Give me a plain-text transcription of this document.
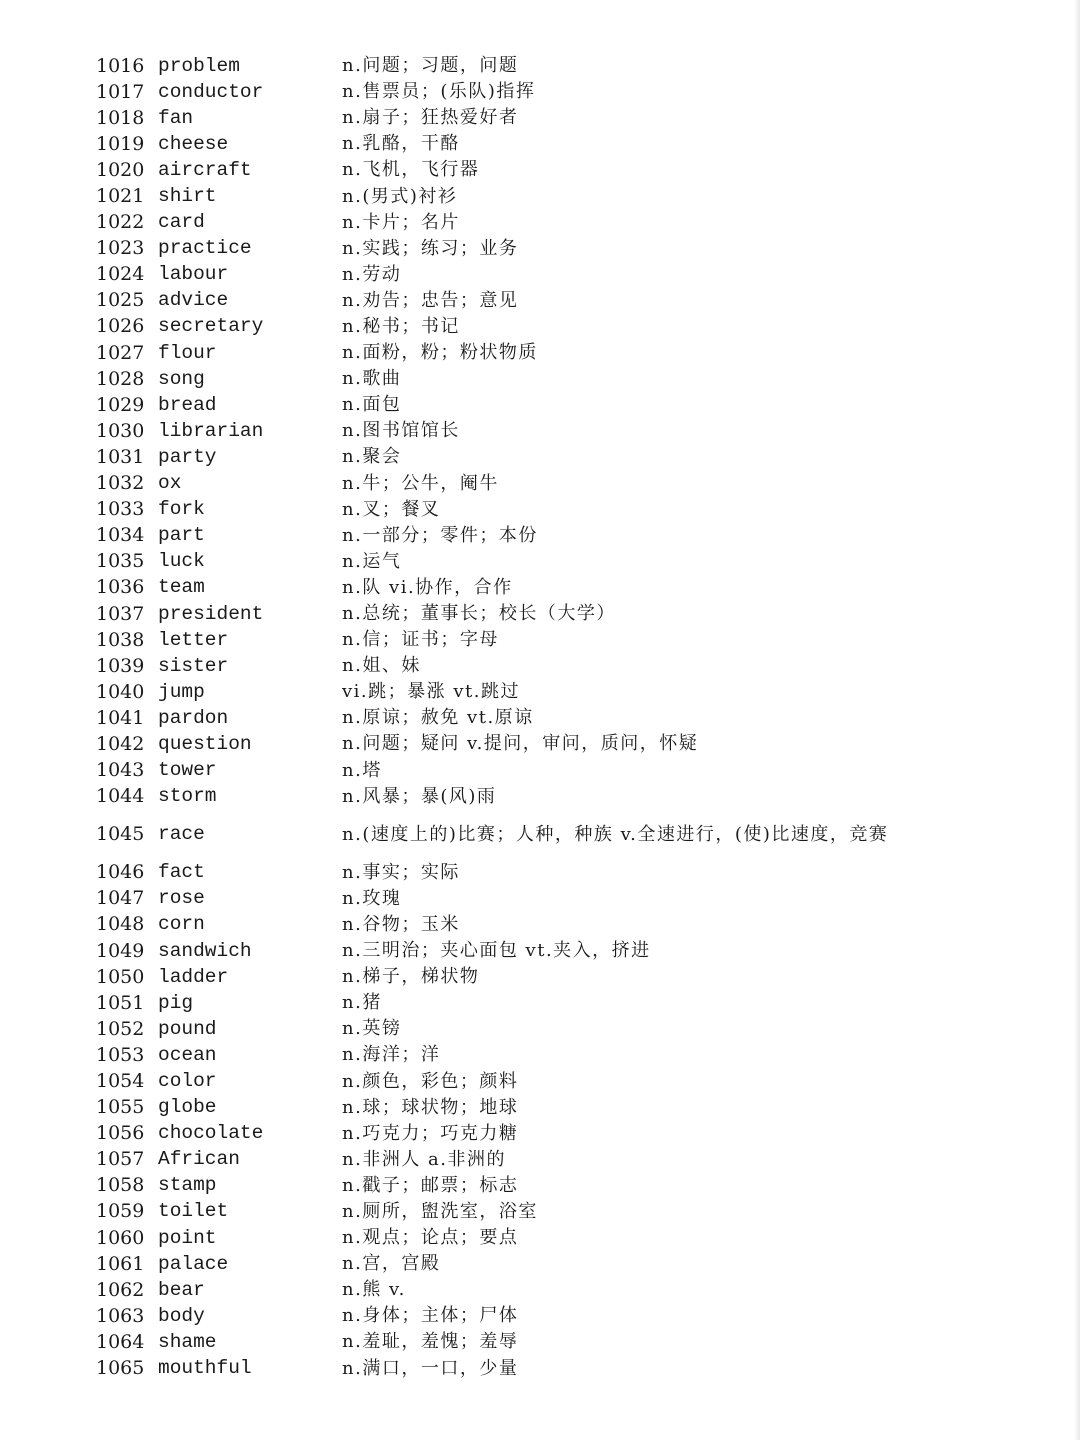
1016 problem	n.问题；习题，问题
1017 conductor	n.售票员；(乐队)指挥
1018 fan	n.扇子；狂热爱好者
1019 cheese	n.乳酪，干酪
1020 aircraft	n.飞机，飞行器
1021 shirt	n.(男式)衬衫
1022 card	n.卡片；名片
1023 practice	n.实践；练习；业务
1024 labour	n.劳动
1025 advice	n.劝告；忠告；意见
1026 secretary	n.秘书；书记
1027 flour	n.面粉，粉；粉状物质
1028 song	n.歌曲
1029 bread	n.面包
1030 librarian	n.图书馆馆长
1031 party	n.聚会
1032 ox	n.牛；公牛，阉牛
1033 fork	n.叉；餐叉
1034 part	n.一部分；零件；本份
1035 luck	n.运气
1036 team	n.队 vi.协作，合作
1037 president	n.总统；董事长；校长（大学）
1038 letter	n.信；证书；字母
1039 sister	n.姐、妹
1040 jump	vi.跳；暴涨 vt.跳过
1041 pardon	n.原谅；赦免 vt.原谅
1042 question	n.问题；疑问 v.提问，审问，质问，怀疑
1043 tower	n.塔
1044 storm	n.风暴；暴(风)雨
1045 race	n.(速度上的)比赛；人种，种族 v.全速进行，(使)比速度，竞赛
1046 fact	n.事实；实际
1047 rose	n.玫瑰
1048 corn	n.谷物；玉米
1049 sandwich	n.三明治；夹心面包 vt.夹入，挤进
1050 ladder	n.梯子，梯状物
1051 pig	n.猪
1052 pound	n.英镑
1053 ocean	n.海洋；洋
1054 color	n.颜色，彩色；颜料
1055 globe	n.球；球状物；地球
1056 chocolate	n.巧克力；巧克力糖
1057 African	n.非洲人 a.非洲的
1058 stamp	n.戳子；邮票；标志
1059 toilet	n.厕所，盥洗室，浴室
1060 point	n.观点；论点；要点
1061 palace	n.宫，宫殿
1062 bear	n.熊 v.
1063 body	n.身体；主体；尸体
1064 shame	n.羞耻，羞愧；羞辱
1065 mouthful	n.满口，一口，少量
